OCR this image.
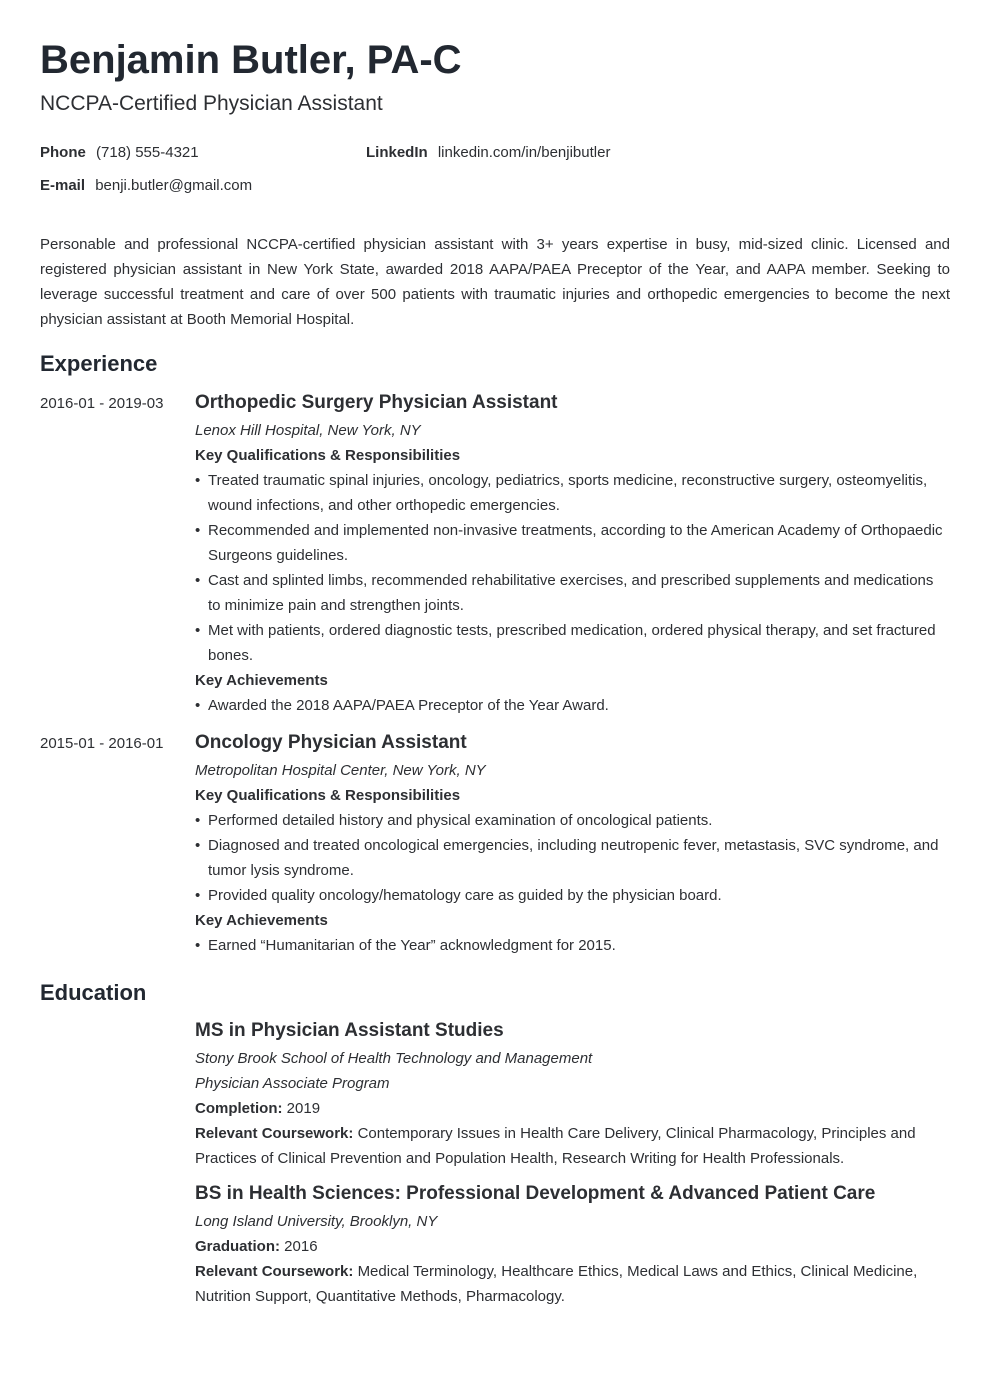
Benjamin Butler, PA-C
NCCPA-Certified Physician Assistant
Phone (718) 555-4321	LinkedIn linkedin.com/in/benjibutler
E-mail benji.butler@gmail.com
Personable and professional NCCPA-certified physician assistant with 3+ years expertise in busy, mid-sized clinic. Licensed and registered physician assistant in New York State, awarded 2018 AAPA/PAEA Preceptor of the Year, and AAPA member. Seeking to leverage successful treatment and care of over 500 patients with traumatic injuries and orthopedic emergencies to become the next physician assistant at Booth Memorial Hospital.
Experience
2016-01 - 2019-03 Orthopedic Surgery Physician Assistant
Lenox Hill Hospital, New York, NY
Key Qualifications & Responsibilities
• Treated traumatic spinal injuries, oncology, pediatrics, sports medicine, reconstructive surgery, osteomyelitis, wound infections, and other orthopedic emergencies.
• Recommended and implemented non-invasive treatments, according to the American Academy of Orthopaedic Surgeons guidelines.
• Cast and splinted limbs, recommended rehabilitative exercises, and prescribed supplements and medications to minimize pain and strengthen joints.
• Met with patients, ordered diagnostic tests, prescribed medication, ordered physical therapy, and set fractured bones.
Key Achievements
• Awarded the 2018 AAPA/PAEA Preceptor of the Year Award.
2015-01 - 2016-01 Oncology Physician Assistant
Metropolitan Hospital Center, New York, NY
Key Qualifications & Responsibilities
• Performed detailed history and physical examination of oncological patients.
• Diagnosed and treated oncological emergencies, including neutropenic fever, metastasis, SVC syndrome, and tumor lysis syndrome.
• Provided quality oncology/hematology care as guided by the physician board.
Key Achievements
• Earned “Humanitarian of the Year” acknowledgment for 2015.
Education
MS in Physician Assistant Studies
Stony Brook School of Health Technology and Management
Physician Associate Program
Completion: 2019
Relevant Coursework: Contemporary Issues in Health Care Delivery, Clinical Pharmacology, Principles and Practices of Clinical Prevention and Population Health, Research Writing for Health Professionals.
BS in Health Sciences: Professional Development & Advanced Patient Care
Long Island University, Brooklyn, NY
Graduation: 2016
Relevant Coursework: Medical Terminology, Healthcare Ethics, Medical Laws and Ethics, Clinical Medicine, Nutrition Support, Quantitative Methods, Pharmacology.
